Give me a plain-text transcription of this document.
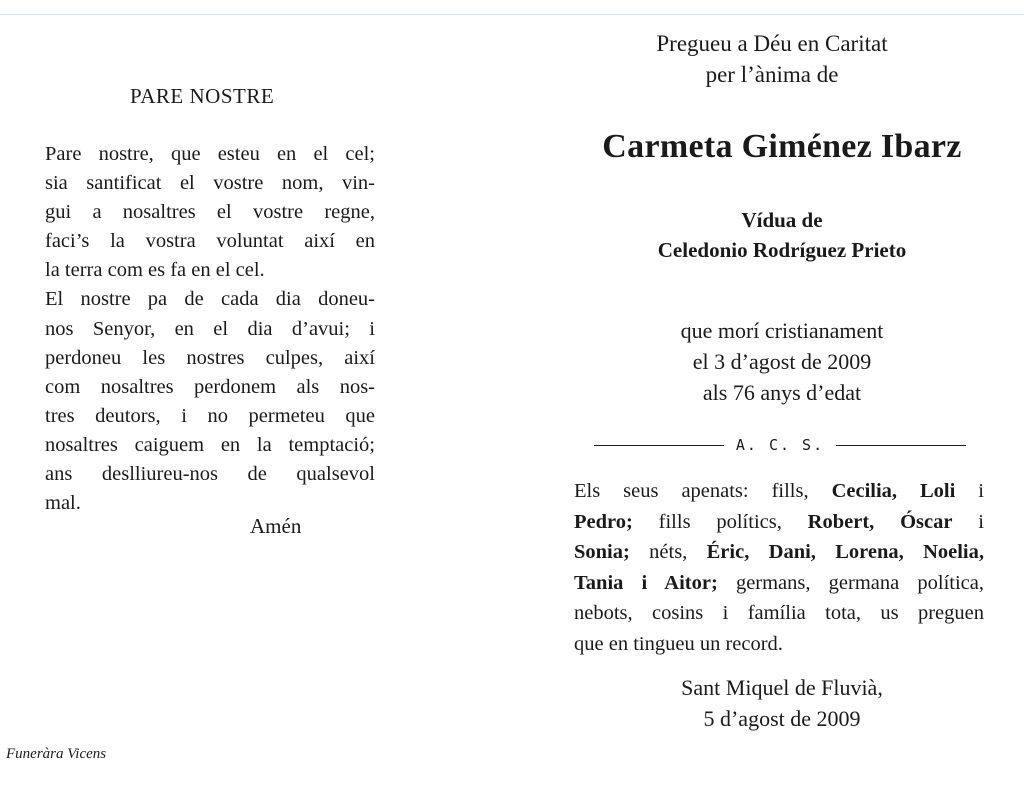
PARE NOSTRE
Pare nostre, que esteu en el cel;
sia santificat el vostre nom, vin-
gui a nosaltres el vostre regne,
faci’s la vostra voluntat així en
la terra com es fa en el cel.
El nostre pa de cada dia doneu-
nos Senyor, en el dia d’avui; i
perdoneu les nostres culpes, així
com nosaltres perdonem als nos-
tres deutors, i no permeteu que
nosaltres caiguem en la temptació;
ans deslliureu-nos de qualsevol
mal.
Amén
Funeràra Vicens
Pregueu a Déu en Caritat
per l’ànima de
Carmeta Giménez Ibarz
Vídua de
Celedonio Rodríguez Prieto
que morí cristianament
el 3 d’agost de 2009
als 76 anys d’edat
A. C. S.
Els seus apenats: fills, Cecilia, Loli i
Pedro; fills polítics, Robert, Óscar i
Sonia; néts, Éric, Dani, Lorena, Noelia,
Tania i Aitor; germans, germana política,
nebots, cosins i família tota, us preguen
que en tingueu un record.
Sant Miquel de Fluvià,
5 d’agost de 2009
